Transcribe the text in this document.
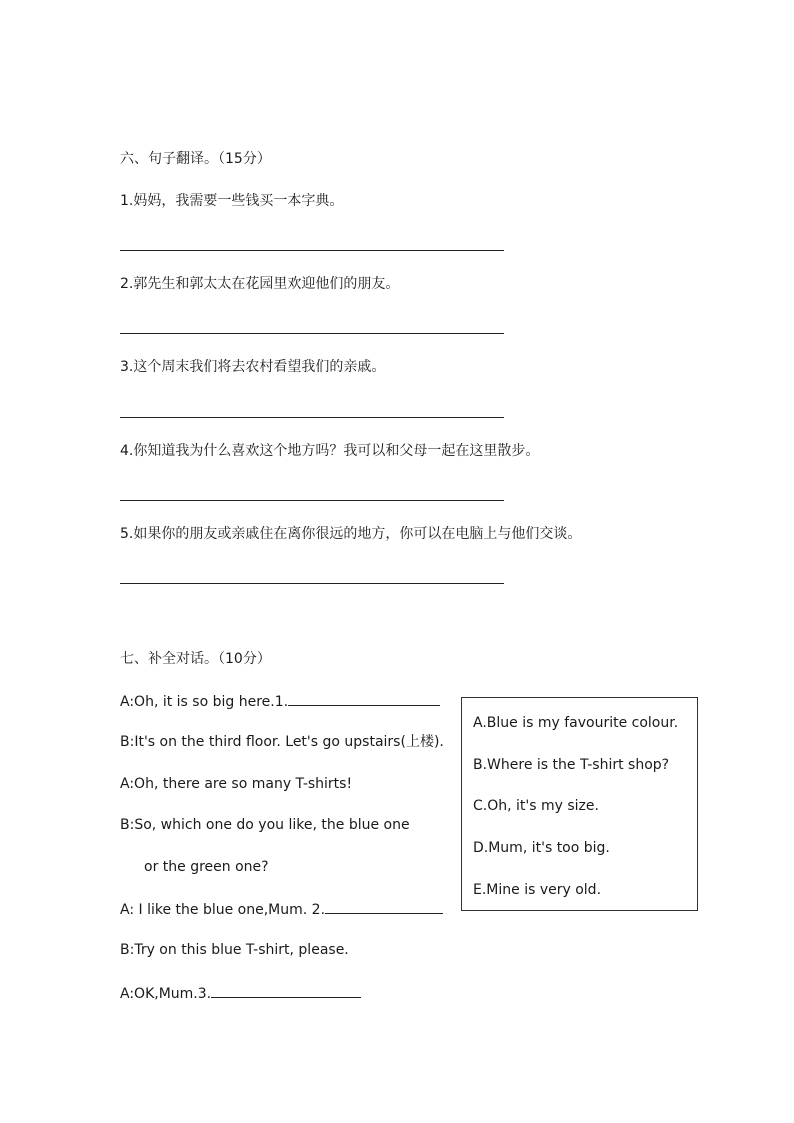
六、句子翻译。（15分）
1.妈妈，我需要一些钱买一本字典。
2.郭先生和郭太太在花园里欢迎他们的朋友。
3.这个周末我们将去农村看望我们的亲戚。
4.你知道我为什么喜欢这个地方吗？我可以和父母一起在这里散步。
5.如果你的朋友或亲戚住在离你很远的地方，你可以在电脑上与他们交谈。
七、补全对话。（10分）
A:Oh, it is so big here.1.
B:It's on the third floor. Let's go upstairs(上楼).
A:Oh, there are so many T-shirts!
B:So, which one do you like, the blue one
or the green one?
A: I like the blue one,Mum. 2.
B:Try on this blue T-shirt, please.
A:OK,Mum.3.
A.Blue is my favourite colour.
B.Where is the T-shirt shop?
C.Oh, it's my size.
D.Mum, it's too big.
E.Mine is very old.
